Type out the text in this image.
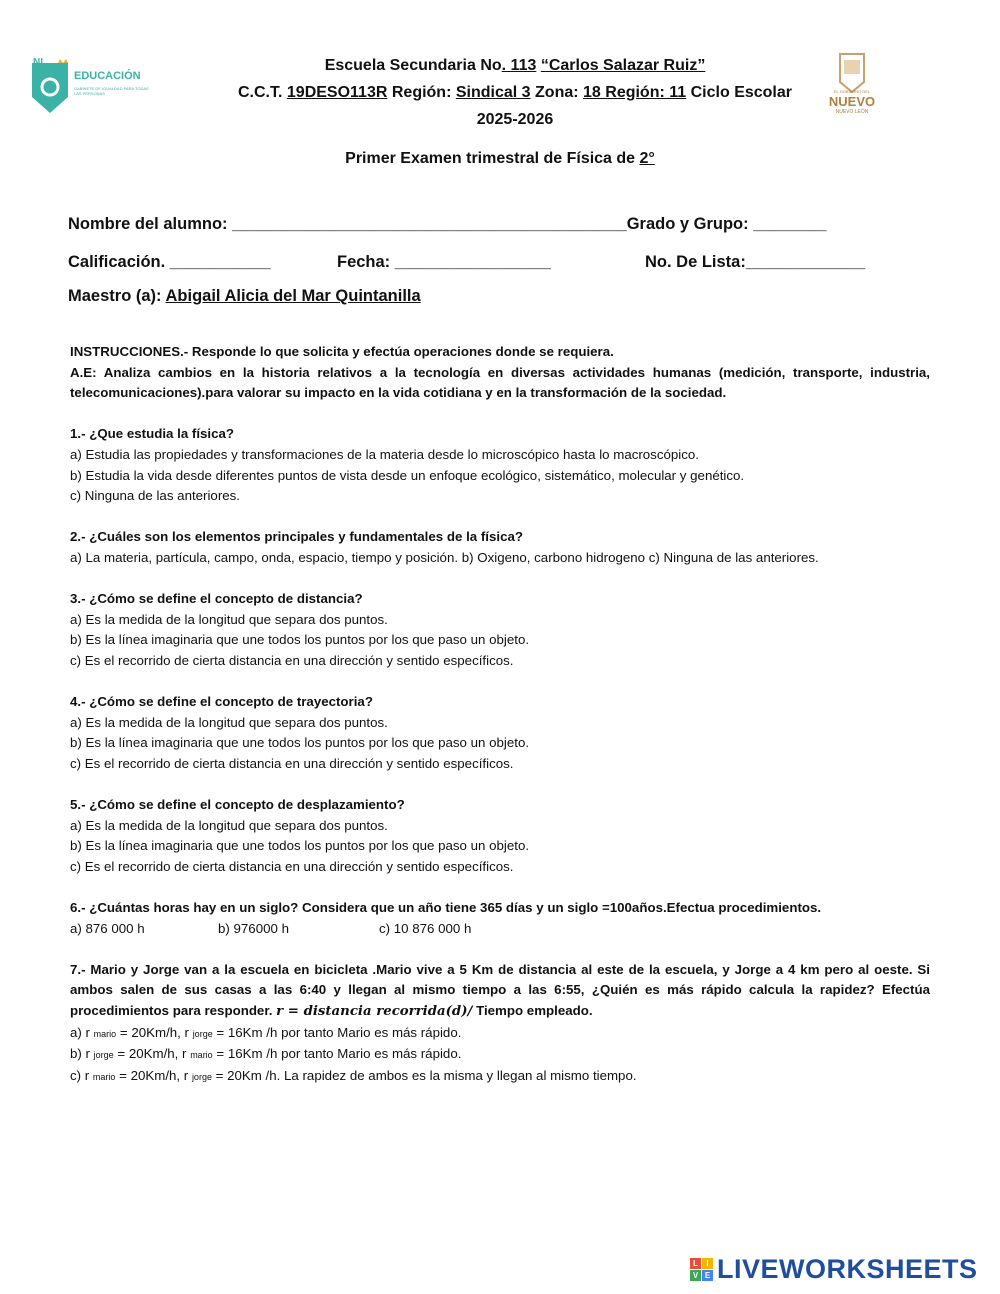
NL
EDUCACIÓN
GABINETE DE IGUALDAD PARA TODAS LAS PERSONAS	EL GOBIERNO DEL
NUEVO
NUEVO LEÓN
Escuela Secundaria No. 113 “Carlos Salazar Ruiz”
C.C.T. 19DESO113R Región: Sindical 3 Zona: 18 Región: 11 Ciclo Escolar
2025-2026
Primer Examen trimestral de Física de 2°
Nombre del alumno: ___________________________________________Grado y Grupo: ________
Calificación. ___________	Fecha: _________________	No. De Lista:_____________
Maestro (a): Abigail Alicia del Mar Quintanilla
INSTRUCCIONES.- Responde lo que solicita y efectúa operaciones donde se requiera.
A.E: Analiza cambios en la historia relativos a la tecnología en diversas actividades humanas (medición, transporte, industria, telecomunicaciones).para valorar su impacto en la vida cotidiana y en la transformación de la sociedad.
1.- ¿Que estudia la física?
a) Estudia las propiedades y transformaciones de la materia desde lo microscópico hasta lo macroscópico.
b) Estudia la vida desde diferentes puntos de vista desde un enfoque ecológico, sistemático, molecular y genético.
c) Ninguna de las anteriores.
2.- ¿Cuáles son los elementos principales y fundamentales de la física?
a) La materia, partícula, campo, onda, espacio, tiempo y posición. b) Oxigeno, carbono hidrogeno c) Ninguna de las anteriores.
3.- ¿Cómo se define el concepto de distancia?
a) Es la medida de la longitud que separa dos puntos.
b) Es la línea imaginaria que une todos los puntos por los que paso un objeto.
c) Es el recorrido de cierta distancia en una dirección y sentido específicos.
4.- ¿Cómo se define el concepto de trayectoria?
a) Es la medida de la longitud que separa dos puntos.
b) Es la línea imaginaria que une todos los puntos por los que paso un objeto.
c) Es el recorrido de cierta distancia en una dirección y sentido específicos.
5.- ¿Cómo se define el concepto de desplazamiento?
a) Es la medida de la longitud que separa dos puntos.
b) Es la línea imaginaria que une todos los puntos por los que paso un objeto.
c) Es el recorrido de cierta distancia en una dirección y sentido específicos.
6.- ¿Cuántas horas hay en un siglo? Considera que un año tiene 365 días y un siglo =100años.Efectua procedimientos.
a) 876 000 h	b) 976000 h	c) 10 876 000 h
7.- Mario y Jorge van a la escuela en bicicleta .Mario vive a 5 Km de distancia al este de la escuela, y Jorge a 4 km pero al oeste. Si ambos salen de sus casas a las 6:40 y llegan al mismo tiempo a las 6:55, ¿Quién es más rápido calcula la rapidez? Efectúa procedimientos para responder. r = distancia recorrida(d)/ Tiempo empleado.
a) r mario = 20Km/h, r jorge = 16Km /h por tanto Mario es más rápido.
b) r jorge = 20Km/h, r mario = 16Km /h por tanto Mario es más rápido.
c) r mario = 20Km/h, r jorge = 20Km /h. La rapidez de ambos es la misma y llegan al mismo tiempo.
L	I
V E LIVEWORKSHEETS
